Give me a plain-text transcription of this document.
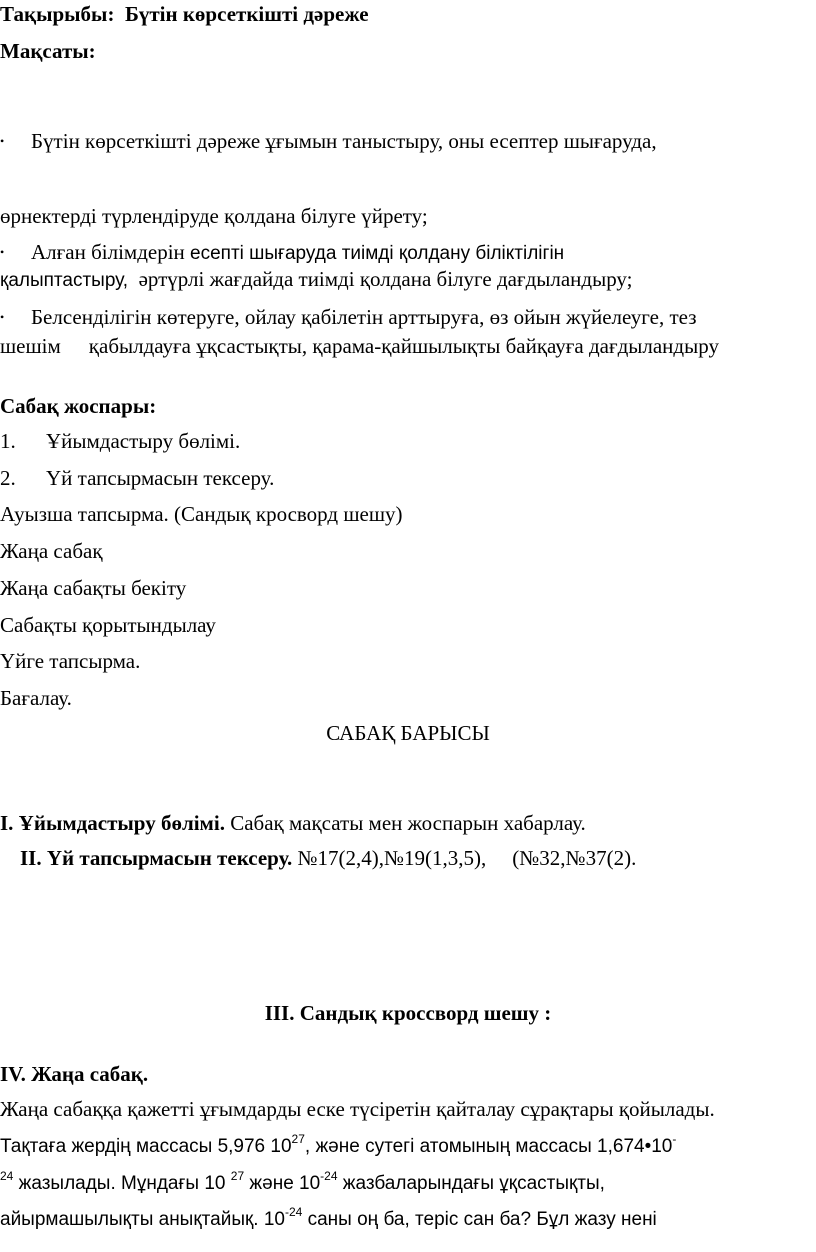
Тақырыбы: Бүтін көрсеткішті дәреже
Мақсаты:
• Бүтін көрсеткішті дәреже ұғымын таныстыру, оны есептер шығаруда,
өрнектерді түрлендіруде қолдана білуге үйрету;
• Алған білімдерін есепті шығаруда тиімді қолдану біліктілігін
қалыптастыру, әртүрлі жағдайда тиімді қолдана білуге дағдыландыру;
• Белсенділігін көтеруге, ойлау қабілетін арттыруға, өз ойын жүйелеуге, тез
шешім қабылдауға ұқсастықты, қарама-қайшылықты байқауға дағдыландыру
Сабақ жоспары:
1. Ұйымдастыру бөлімі.
2. Үй тапсырмасын тексеру.
Ауызша тапсырма. (Сандық кросворд шешу)
Жаңа сабақ
Жаңа сабақты бекіту
Сабақты қорытындылау
Үйге тапсырма.
Бағалау.
САБАҚ БАРЫСЫ
І. Ұйымдастыру бөлімі. Сабақ мақсаты мен жоспарын хабарлау.
ІІ. Үй тапсырмасын тексеру. №17(2,4),№19(1,3,5), (№32,№37(2).
ІІІ. Сандық кроссворд шешу :
ІV. Жаңа сабақ.
Жаңа сабаққа қажетті ұғымдарды еске түсіретін қайталау сұрақтары қойылады.
Тақтаға жердің массасы 5,976 $10^{27}$, және сутегі атомының массасы 1,674•10-
$^{24}$ жазылады. Мұндағы 10 $^{27}$ және $10^{-24}$ жазбаларындағы ұқсастықты,
айырмашылықты анықтайық. $10^{-24}$ саны оң ба, теріс сан ба? Бұл жазу нені
